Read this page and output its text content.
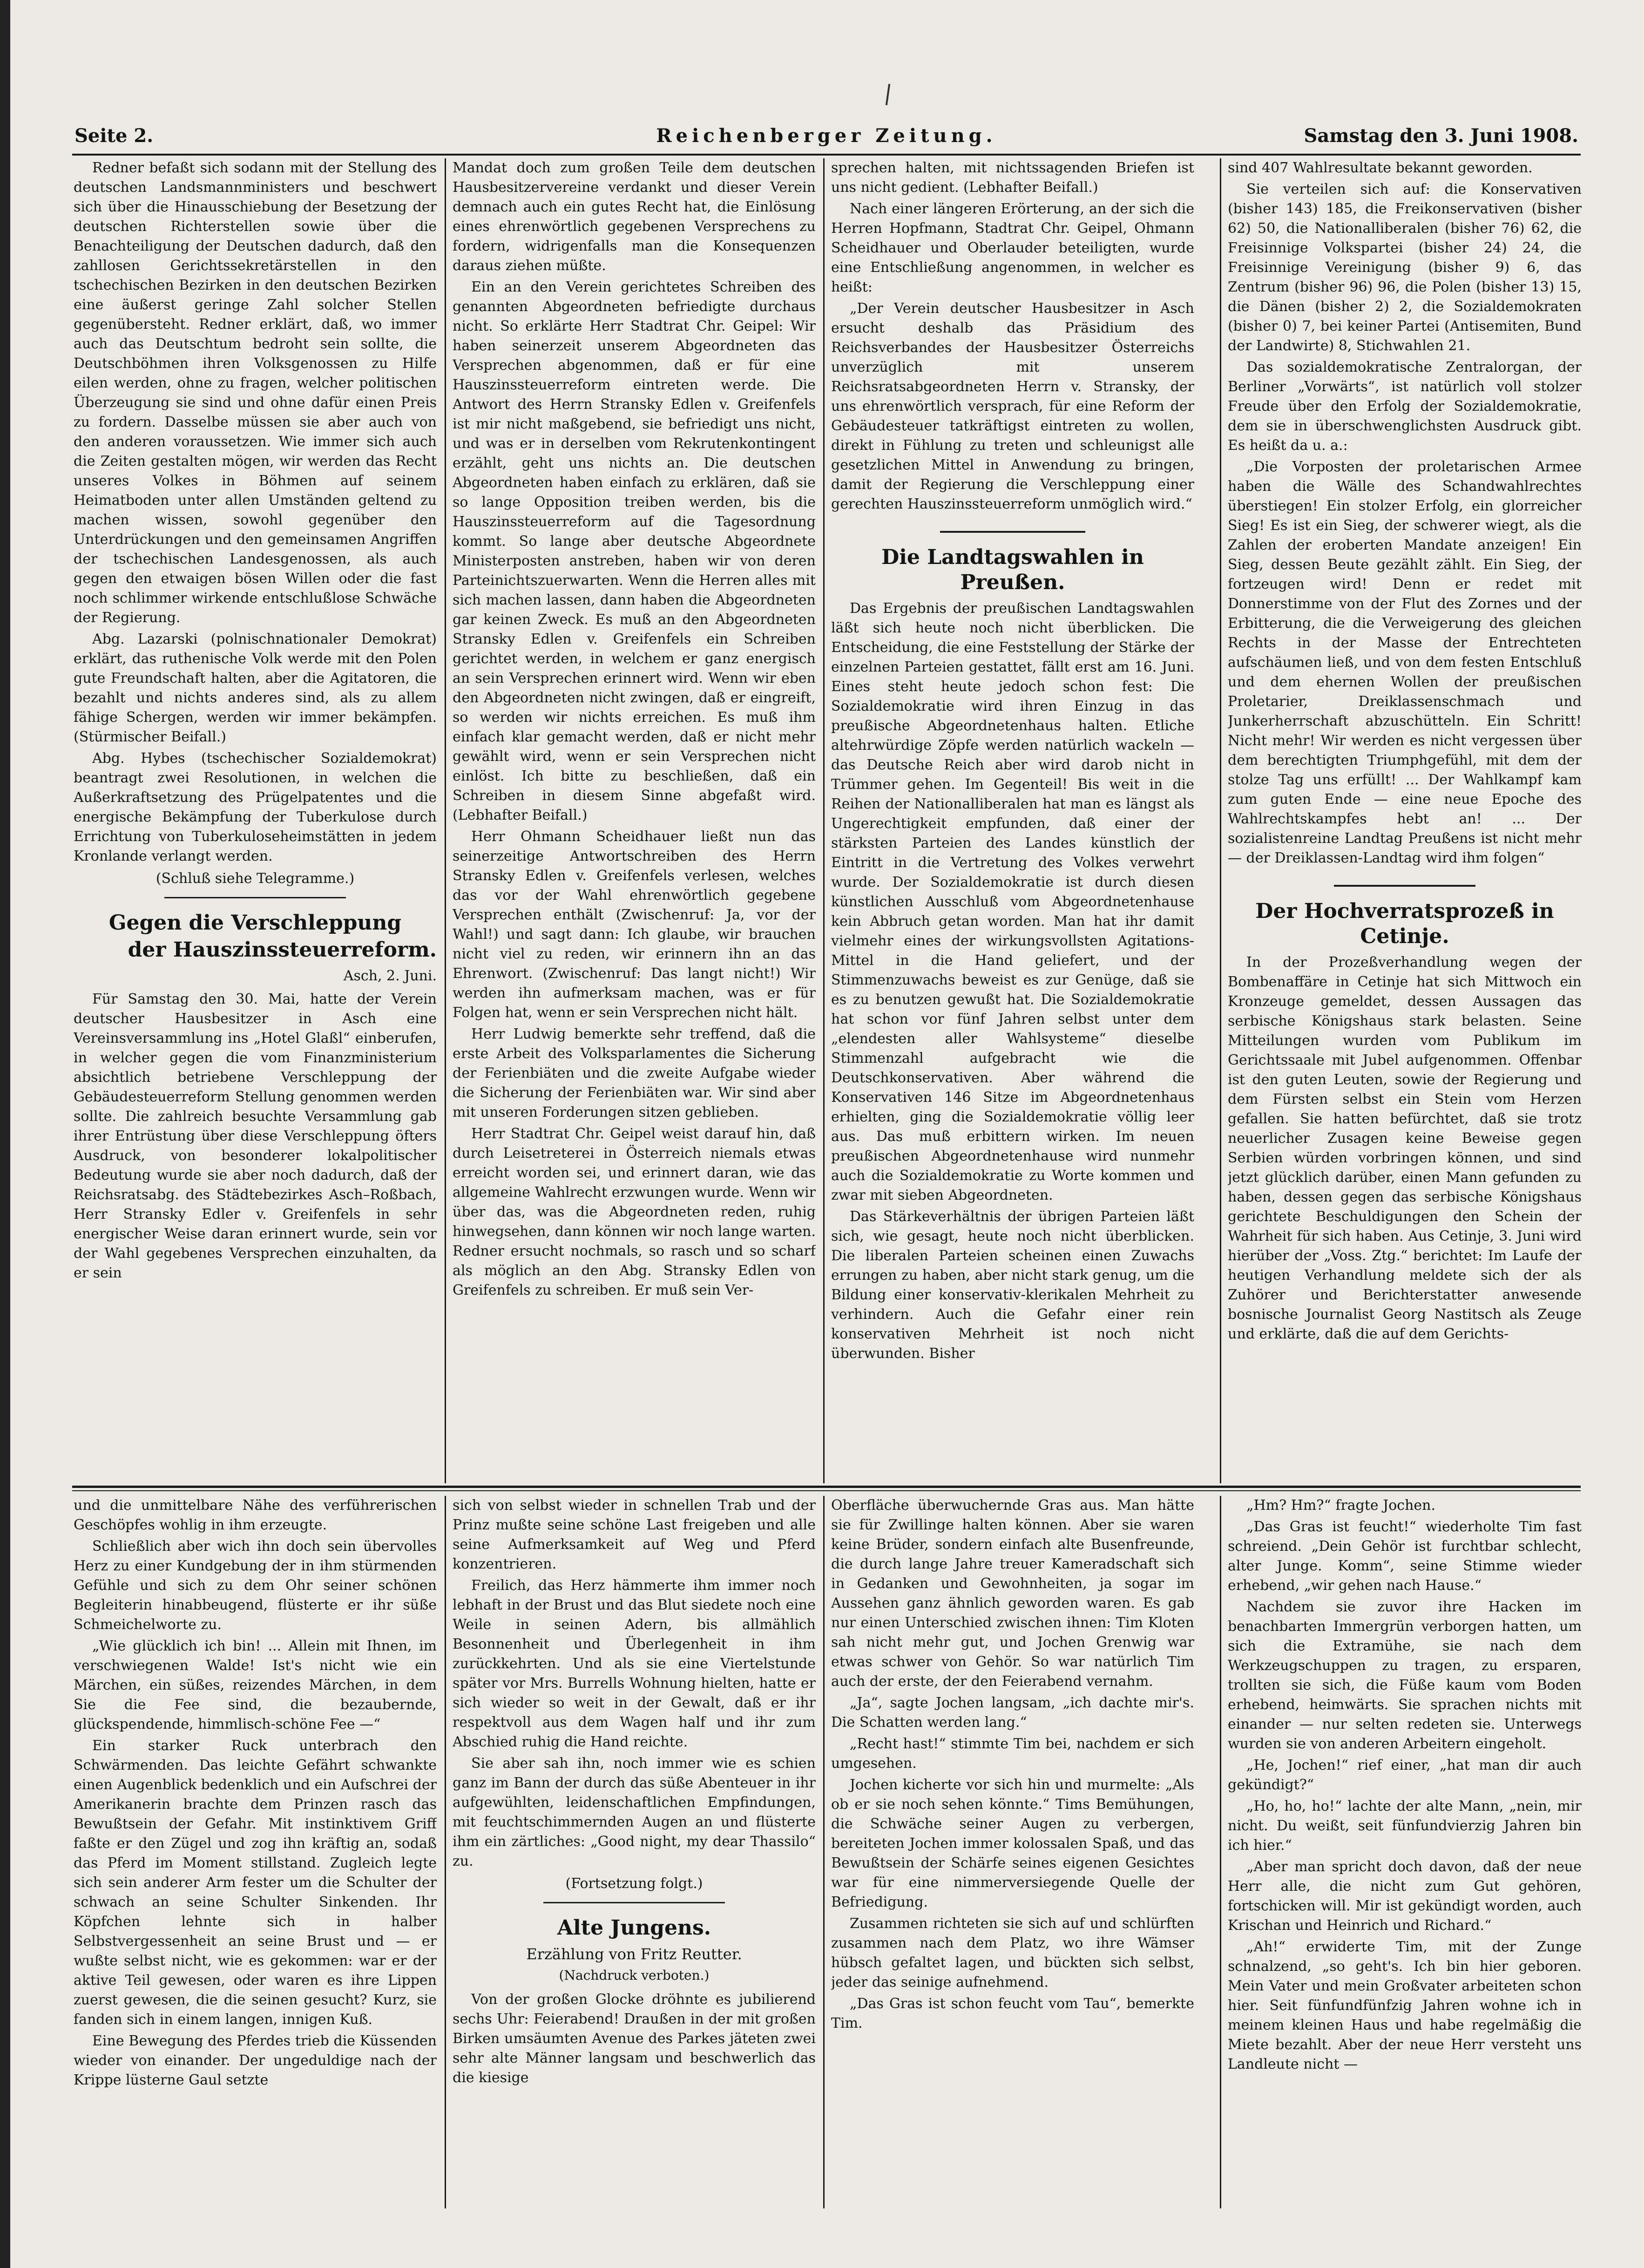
Seite 2.	Reichenberger Zeitung.	Samstag den 3. Juni 1908.

Redner befaßt sich sodann mit der Stellung des deutschen Landsmannministers und beschwert sich über die Hinausschiebung der Besetzung der deutschen Richterstellen sowie über die Benachteiligung der Deutschen dadurch, daß den zahllosen Gerichtssekretärstellen in den tschechischen Bezirken in den deutschen Bezirken eine äußerst geringe Zahl solcher Stellen gegenübersteht. Redner erklärt, daß, wo immer auch das Deutschtum bedroht sein sollte, die Deutschböhmen ihren Volksgenossen zu Hilfe eilen werden, ohne zu fragen, welcher politischen Überzeugung sie sind und ohne dafür einen Preis zu fordern. Dasselbe müssen sie aber auch von den anderen voraussetzen. Wie immer sich auch die Zeiten gestalten mögen, wir werden das Recht unseres Volkes in Böhmen auf seinem Heimatboden unter allen Umständen geltend zu machen wissen, sowohl gegenüber den Unterdrückungen und den gemeinsamen Angriffen der tschechischen Landesgenossen, als auch gegen den etwaigen bösen Willen oder die fast noch schlimmer wirkende entschlußlose Schwäche der Regierung.

Abg. Lazarski (polnischnationaler Demokrat) erklärt, das ruthenische Volk werde mit den Polen gute Freundschaft halten, aber die Agitatoren, die bezahlt und nichts anderes sind, als zu allem fähige Schergen, werden wir immer bekämpfen. (Stürmischer Beifall.)

Abg. Hybes (tschechischer Sozialdemokrat) beantragt zwei Resolutionen, in welchen die Außerkraftsetzung des Prügelpatentes und die energische Bekämpfung der Tuberkulose durch Errichtung von Tuberkuloseheimstätten in jedem Kronlande verlangt werden.

(Schluß siehe Telegramme.)

Gegen die Verschleppung
der Hauszinssteuerreform.

Asch, 2. Juni.

Für Samstag den 30. Mai, hatte der Verein deutscher Hausbesitzer in Asch eine Vereinsversammlung ins „Hotel Glaßl“ einberufen, in welcher gegen die vom Finanzministerium absichtlich betriebene Verschleppung der Gebäudesteuerreform Stellung genommen werden sollte. Die zahlreich besuchte Versammlung gab ihrer Entrüstung über diese Verschleppung öfters Ausdruck, von besonderer lokalpolitischer Bedeutung wurde sie aber noch dadurch, daß der Reichsratsabg. des Städtebezirkes Asch–Roßbach, Herr Stransky Edler v. Greifenfels in sehr energischer Weise daran erinnert wurde, sein vor der Wahl gegebenes Versprechen einzuhalten, da er sein

Mandat doch zum großen Teile dem deutschen Hausbesitzervereine verdankt und dieser Verein demnach auch ein gutes Recht hat, die Einlösung eines ehrenwörtlich gegebenen Versprechens zu fordern, widrigenfalls man die Konsequenzen daraus ziehen müßte.

Ein an den Verein gerichtetes Schreiben des genannten Abgeordneten befriedigte durchaus nicht. So erklärte Herr Stadtrat Chr. Geipel: Wir haben seinerzeit unserem Abgeordneten das Versprechen abgenommen, daß er für eine Hauszinssteuerreform eintreten werde. Die Antwort des Herrn Stransky Edlen v. Greifenfels ist mir nicht maßgebend, sie befriedigt uns nicht, und was er in derselben vom Rekrutenkontingent erzählt, geht uns nichts an. Die deutschen Abgeordneten haben einfach zu erklären, daß sie so lange Opposition treiben werden, bis die Hauszinssteuerreform auf die Tagesordnung kommt. So lange aber deutsche Abgeordnete Ministerposten anstreben, haben wir von deren Parteinichtszuerwarten. Wenn die Herren alles mit sich machen lassen, dann haben die Abgeordneten gar keinen Zweck. Es muß an den Abgeordneten Stransky Edlen v. Greifenfels ein Schreiben gerichtet werden, in welchem er ganz energisch an sein Versprechen erinnert wird. Wenn wir eben den Abgeordneten nicht zwingen, daß er eingreift, so werden wir nichts erreichen. Es muß ihm einfach klar gemacht werden, daß er nicht mehr gewählt wird, wenn er sein Versprechen nicht einlöst. Ich bitte zu beschließen, daß ein Schreiben in diesem Sinne abgefaßt wird. (Lebhafter Beifall.)

Herr Ohmann Scheidhauer ließt nun das seinerzeitige Antwortschreiben des Herrn Stransky Edlen v. Greifenfels verlesen, welches das vor der Wahl ehrenwörtlich gegebene Versprechen enthält (Zwischenruf: Ja, vor der Wahl!) und sagt dann: Ich glaube, wir brauchen nicht viel zu reden, wir erinnern ihn an das Ehrenwort. (Zwischenruf: Das langt nicht!) Wir werden ihn aufmerksam machen, was er für Folgen hat, wenn er sein Versprechen nicht hält.

Herr Ludwig bemerkte sehr treffend, daß die erste Arbeit des Volksparlamentes die Sicherung der Ferienbiäten und die zweite Aufgabe wieder die Sicherung der Ferienbiäten war. Wir sind aber mit unseren Forderungen sitzen geblieben.

Herr Stadtrat Chr. Geipel weist darauf hin, daß durch Leisetreterei in Österreich niemals etwas erreicht worden sei, und erinnert daran, wie das allgemeine Wahlrecht erzwungen wurde. Wenn wir über das, was die Abgeordneten reden, ruhig hinwegsehen, dann können wir noch lange warten. Redner ersucht nochmals, so rasch und so scharf als möglich an den Abg. Stransky Edlen von Greifenfels zu schreiben. Er muß sein Ver-

sprechen halten, mit nichtssagenden Briefen ist uns nicht gedient. (Lebhafter Beifall.)

Nach einer längeren Erörterung, an der sich die Herren Hopfmann, Stadtrat Chr. Geipel, Ohmann Scheidhauer und Oberlauder beteiligten, wurde eine Entschließung angenommen, in welcher es heißt:

„Der Verein deutscher Hausbesitzer in Asch ersucht deshalb das Präsidium des Reichsverbandes der Hausbesitzer Österreichs unverzüglich mit unserem Reichsratsabgeordneten Herrn v. Stransky, der uns ehrenwörtlich versprach, für eine Reform der Gebäudesteuer tatkräftigst eintreten zu wollen, direkt in Fühlung zu treten und schleunigst alle gesetzlichen Mittel in Anwendung zu bringen, damit der Regierung die Verschleppung einer gerechten Hauszinssteuerreform unmöglich wird.“

Die Landtagswahlen in Preußen.

Das Ergebnis der preußischen Landtagswahlen läßt sich heute noch nicht überblicken. Die Entscheidung, die eine Feststellung der Stärke der einzelnen Parteien gestattet, fällt erst am 16. Juni. Eines steht heute jedoch schon fest: Die Sozialdemokratie wird ihren Einzug in das preußische Abgeordnetenhaus halten. Etliche altehrwürdige Zöpfe werden natürlich wackeln — das Deutsche Reich aber wird darob nicht in Trümmer gehen. Im Gegenteil! Bis weit in die Reihen der Nationalliberalen hat man es längst als Ungerechtigkeit empfunden, daß einer der stärksten Parteien des Landes künstlich der Eintritt in die Vertretung des Volkes verwehrt wurde. Der Sozialdemokratie ist durch diesen künstlichen Ausschluß vom Abgeordnetenhause kein Abbruch getan worden. Man hat ihr damit vielmehr eines der wirkungsvollsten Agitations-Mittel in die Hand geliefert, und der Stimmenzuwachs beweist es zur Genüge, daß sie es zu benutzen gewußt hat. Die Sozialdemokratie hat schon vor fünf Jahren selbst unter dem „elendesten aller Wahlsysteme“ dieselbe Stimmenzahl aufgebracht wie die Deutschkonservativen. Aber während die Konservativen 146 Sitze im Abgeordnetenhaus erhielten, ging die Sozialdemokratie völlig leer aus. Das muß erbittern wirken. Im neuen preußischen Abgeordnetenhause wird nunmehr auch die Sozialdemokratie zu Worte kommen und zwar mit sieben Abgeordneten.

Das Stärkeverhältnis der übrigen Parteien läßt sich, wie gesagt, heute noch nicht überblicken. Die liberalen Parteien scheinen einen Zuwachs errungen zu haben, aber nicht stark genug, um die Bildung einer konservativ-klerikalen Mehrheit zu verhindern. Auch die Gefahr einer rein konservativen Mehrheit ist noch nicht überwunden. Bisher

sind 407 Wahlresultate bekannt geworden.

Sie verteilen sich auf: die Konservativen (bisher 143) 185, die Freikonservativen (bisher 62) 50, die Nationalliberalen (bisher 76) 62, die Freisinnige Volkspartei (bisher 24) 24, die Freisinnige Vereinigung (bisher 9) 6, das Zentrum (bisher 96) 96, die Polen (bisher 13) 15, die Dänen (bisher 2) 2, die Sozialdemokraten (bisher 0) 7, bei keiner Partei (Antisemiten, Bund der Landwirte) 8, Stichwahlen 21.

Das sozialdemokratische Zentralorgan, der Berliner „Vorwärts“, ist natürlich voll stolzer Freude über den Erfolg der Sozialdemokratie, dem sie in überschwenglichsten Ausdruck gibt. Es heißt da u. a.:

„Die Vorposten der proletarischen Armee haben die Wälle des Schandwahlrechtes überstiegen! Ein stolzer Erfolg, ein glorreicher Sieg! Es ist ein Sieg, der schwerer wiegt, als die Zahlen der eroberten Mandate anzeigen! Ein Sieg, dessen Beute gezählt zählt. Ein Sieg, der fortzeugen wird! Denn er redet mit Donnerstimme von der Flut des Zornes und der Erbitterung, die die Verweigerung des gleichen Rechts in der Masse der Entrechteten aufschäumen ließ, und von dem festen Entschluß und dem ehernen Wollen der preußischen Proletarier, Dreiklassenschmach und Junkerherrschaft abzuschütteln. Ein Schritt! Nicht mehr! Wir werden es nicht vergessen über dem berechtigten Triumphgefühl, mit dem der stolze Tag uns erfüllt! ... Der Wahlkampf kam zum guten Ende — eine neue Epoche des Wahlrechtskampfes hebt an! ... Der sozialistenreine Landtag Preußens ist nicht mehr — der Dreiklassen-Landtag wird ihm folgen“

Der Hochverratsprozeß in Cetinje.

In der Prozeßverhandlung wegen der Bombenaffäre in Cetinje hat sich Mittwoch ein Kronzeuge gemeldet, dessen Aussagen das serbische Königshaus stark belasten. Seine Mitteilungen wurden vom Publikum im Gerichtssaale mit Jubel aufgenommen. Offenbar ist den guten Leuten, sowie der Regierung und dem Fürsten selbst ein Stein vom Herzen gefallen. Sie hatten befürchtet, daß sie trotz neuerlicher Zusagen keine Beweise gegen Serbien würden vorbringen können, und sind jetzt glücklich darüber, einen Mann gefunden zu haben, dessen gegen das serbische Königshaus gerichtete Beschuldigungen den Schein der Wahrheit für sich haben. Aus Cetinje, 3. Juni wird hierüber der „Voss. Ztg.“ berichtet: Im Laufe der heutigen Verhandlung meldete sich der als Zuhörer und Berichterstatter anwesende bosnische Journalist Georg Nastitsch als Zeuge und erklärte, daß die auf dem Gerichts-

und die unmittelbare Nähe des verführerischen Geschöpfes wohlig in ihm erzeugte.

Schließlich aber wich ihn doch sein übervolles Herz zu einer Kundgebung der in ihm stürmenden Gefühle und sich zu dem Ohr seiner schönen Begleiterin hinabbeugend, flüsterte er ihr süße Schmeichelworte zu.

„Wie glücklich ich bin! ... Allein mit Ihnen, im verschwiegenen Walde! Ist's nicht wie ein Märchen, ein süßes, reizendes Märchen, in dem Sie die Fee sind, die bezaubernde, glückspendende, himmlisch-schöne Fee —“

Ein starker Ruck unterbrach den Schwärmenden. Das leichte Gefährt schwankte einen Augenblick bedenklich und ein Aufschrei der Amerikanerin brachte dem Prinzen rasch das Bewußtsein der Gefahr. Mit instinktivem Griff faßte er den Zügel und zog ihn kräftig an, sodaß das Pferd im Moment stillstand. Zugleich legte sich sein anderer Arm fester um die Schulter der schwach an seine Schulter Sinkenden. Ihr Köpfchen lehnte sich in halber Selbstvergessenheit an seine Brust und — er wußte selbst nicht, wie es gekommen: war er der aktive Teil gewesen, oder waren es ihre Lippen zuerst gewesen, die die seinen gesucht? Kurz, sie fanden sich in einem langen, innigen Kuß.

Eine Bewegung des Pferdes trieb die Küssenden wieder von einander. Der ungeduldige nach der Krippe lüsterne Gaul setzte

sich von selbst wieder in schnellen Trab und der Prinz mußte seine schöne Last freigeben und alle seine Aufmerksamkeit auf Weg und Pferd konzentrieren.

Freilich, das Herz hämmerte ihm immer noch lebhaft in der Brust und das Blut siedete noch eine Weile in seinen Adern, bis allmählich Besonnenheit und Überlegenheit in ihm zurückkehrten. Und als sie eine Viertelstunde später vor Mrs. Burrells Wohnung hielten, hatte er sich wieder so weit in der Gewalt, daß er ihr respektvoll aus dem Wagen half und ihr zum Abschied ruhig die Hand reichte.

Sie aber sah ihn, noch immer wie es schien ganz im Bann der durch das süße Abenteuer in ihr aufgewühlten, leidenschaftlichen Empfindungen, mit feuchtschimmernden Augen an und flüsterte ihm ein zärtliches: „Good night, my dear Thassilo“ zu.

(Fortsetzung folgt.)

Alte Jungens.

Erzählung von Fritz Reutter.

(Nachdruck verboten.)

Von der großen Glocke dröhnte es jubilierend sechs Uhr: Feierabend! Draußen in der mit großen Birken umsäumten Avenue des Parkes jäteten zwei sehr alte Männer langsam und beschwerlich das die kiesige

Oberfläche überwuchernde Gras aus. Man hätte sie für Zwillinge halten können. Aber sie waren keine Brüder, sondern einfach alte Busenfreunde, die durch lange Jahre treuer Kameradschaft sich in Gedanken und Gewohnheiten, ja sogar im Aussehen ganz ähnlich geworden waren. Es gab nur einen Unterschied zwischen ihnen: Tim Kloten sah nicht mehr gut, und Jochen Grenwig war etwas schwer von Gehör. So war natürlich Tim auch der erste, der den Feierabend vernahm.

„Ja“, sagte Jochen langsam, „ich dachte mir's. Die Schatten werden lang.“

„Recht hast!“ stimmte Tim bei, nachdem er sich umgesehen.

Jochen kicherte vor sich hin und murmelte: „Als ob er sie noch sehen könnte.“ Tims Bemühungen, die Schwäche seiner Augen zu verbergen, bereiteten Jochen immer kolossalen Spaß, und das Bewußtsein der Schärfe seines eigenen Gesichtes war für eine nimmerversiegende Quelle der Befriedigung.

Zusammen richteten sie sich auf und schlürften zusammen nach dem Platz, wo ihre Wämser hübsch gefaltet lagen, und bückten sich selbst, jeder das seinige aufnehmend.

„Das Gras ist schon feucht vom Tau“, bemerkte Tim.

„Hm? Hm?“ fragte Jochen.

„Das Gras ist feucht!“ wiederholte Tim fast schreiend. „Dein Gehör ist furchtbar schlecht, alter Junge. Komm“, seine Stimme wieder erhebend, „wir gehen nach Hause.“

Nachdem sie zuvor ihre Hacken im benachbarten Immergrün verborgen hatten, um sich die Extramühe, sie nach dem Werkzeugschuppen zu tragen, zu ersparen, trollten sie sich, die Füße kaum vom Boden erhebend, heimwärts. Sie sprachen nichts mit einander — nur selten redeten sie. Unterwegs wurden sie von anderen Arbeitern eingeholt.

„He, Jochen!“ rief einer, „hat man dir auch gekündigt?“

„Ho, ho, ho!“ lachte der alte Mann, „nein, mir nicht. Du weißt, seit fünfundvierzig Jahren bin ich hier.“

„Aber man spricht doch davon, daß der neue Herr alle, die nicht zum Gut gehören, fortschicken will. Mir ist gekündigt worden, auch Krischan und Heinrich und Richard.“

„Ah!“ erwiderte Tim, mit der Zunge schnalzend, „so geht's. Ich bin hier geboren. Mein Vater und mein Großvater arbeiteten schon hier. Seit fünfundfünfzig Jahren wohne ich in meinem kleinen Haus und habe regelmäßig die Miete bezahlt. Aber der neue Herr versteht uns Landleute nicht —
